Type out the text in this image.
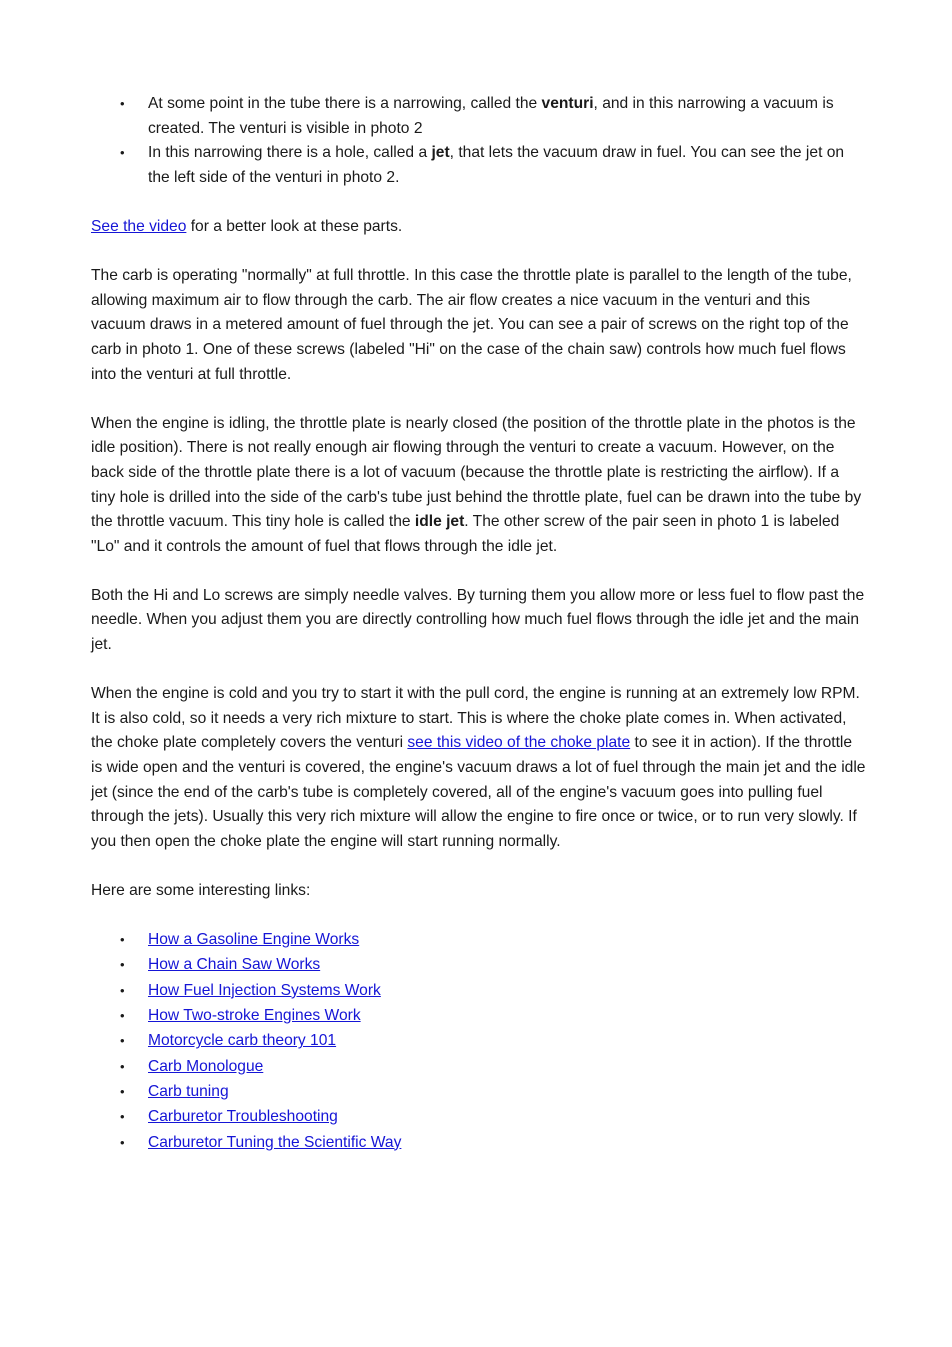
• At some point in the tube there is a narrowing, called the venturi, and in this narrowing a vacuum is created. The venturi is visible in photo 2
• In this narrowing there is a hole, called a jet, that lets the vacuum draw in fuel. You can see the jet on the left side of the venturi in photo 2.

See the video for a better look at these parts.

The carb is operating "normally" at full throttle. In this case the throttle plate is parallel to the length of the tube, allowing maximum air to flow through the carb. The air flow creates a nice vacuum in the venturi and this vacuum draws in a metered amount of fuel through the jet. You can see a pair of screws on the right top of the carb in photo 1. One of these screws (labeled "Hi" on the case of the chain saw) controls how much fuel flows into the venturi at full throttle.

When the engine is idling, the throttle plate is nearly closed (the position of the throttle plate in the photos is the idle position). There is not really enough air flowing through the venturi to create a vacuum. However, on the back side of the throttle plate there is a lot of vacuum (because the throttle plate is restricting the airflow). If a tiny hole is drilled into the side of the carb's tube just behind the throttle plate, fuel can be drawn into the tube by the throttle vacuum. This tiny hole is called the idle jet. The other screw of the pair seen in photo 1 is labeled "Lo" and it controls the amount of fuel that flows through the idle jet.

Both the Hi and Lo screws are simply needle valves. By turning them you allow more or less fuel to flow past the needle. When you adjust them you are directly controlling how much fuel flows through the idle jet and the main jet.

When the engine is cold and you try to start it with the pull cord, the engine is running at an extremely low RPM. It is also cold, so it needs a very rich mixture to start. This is where the choke plate comes in. When activated, the choke plate completely covers the venturi see this video of the choke plate to see it in action). If the throttle is wide open and the venturi is covered, the engine's vacuum draws a lot of fuel through the main jet and the idle jet (since the end of the carb's tube is completely covered, all of the engine's vacuum goes into pulling fuel through the jets). Usually this very rich mixture will allow the engine to fire once or twice, or to run very slowly. If you then open the choke plate the engine will start running normally.

Here are some interesting links:

• How a Gasoline Engine Works
• How a Chain Saw Works
• How Fuel Injection Systems Work
• How Two-stroke Engines Work
• Motorcycle carb theory 101
• Carb Monologue
• Carb tuning
• Carburetor Troubleshooting
• Carburetor Tuning the Scientific Way
